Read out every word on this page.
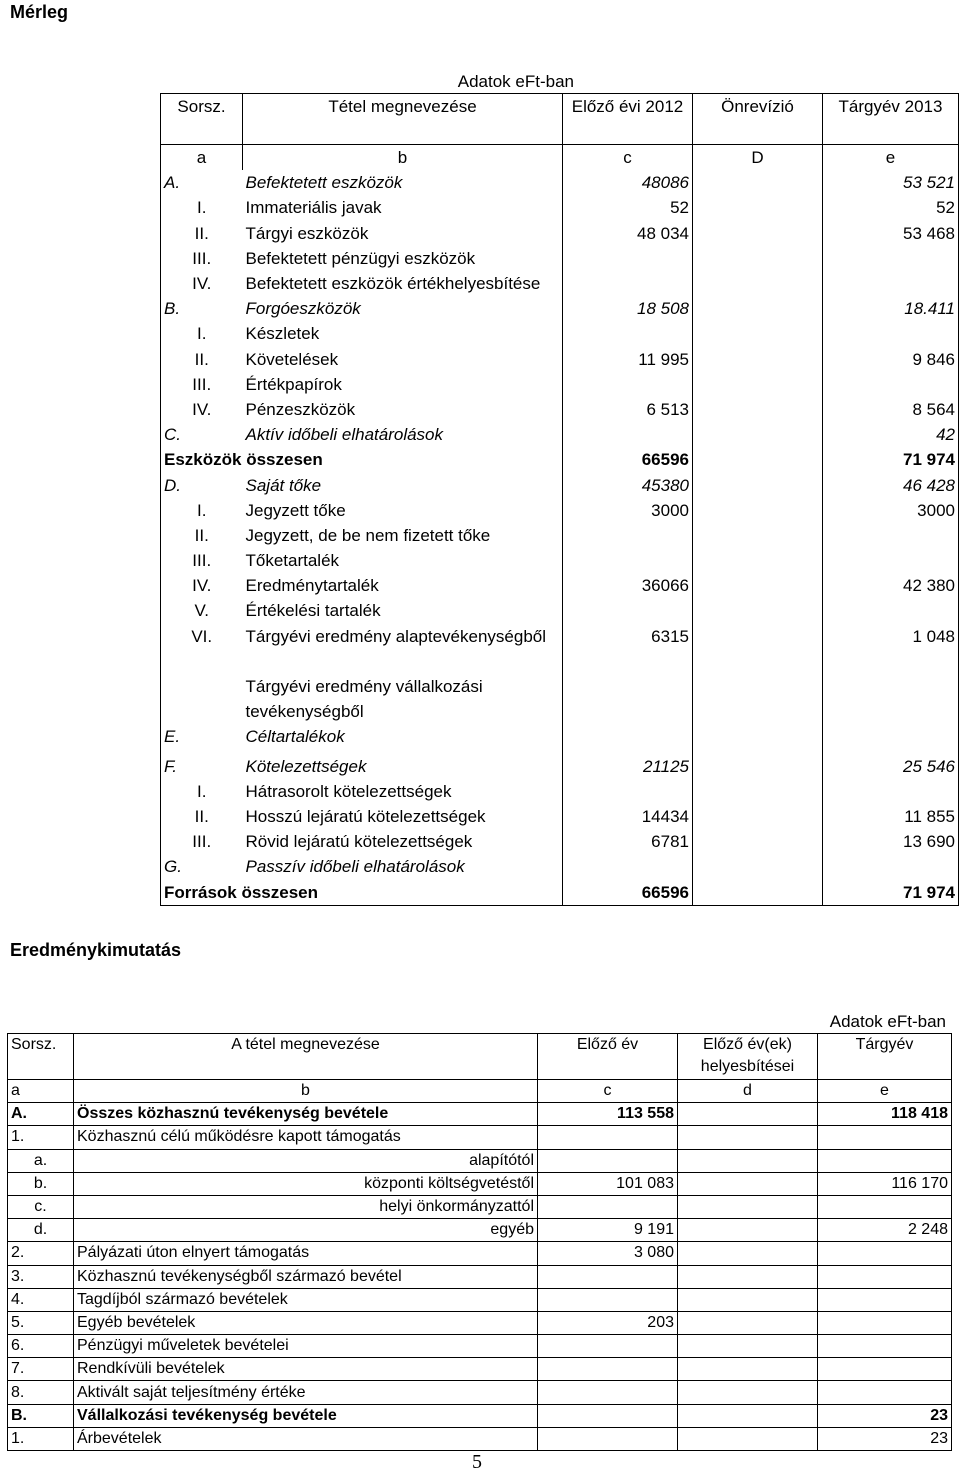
Mérleg
Adatok eFt-ban
Sorsz.	Tétel megnevezése	Előző évi 2012	Önrevízió	Tárgyév 2013
a	b	c	D	e
A.	Befektetett eszközök	48086		53 521
I.	Immateriális javak	52		52
II.	Tárgyi eszközök	48 034		53 468
III.	Befektetett pénzügyi eszközök			
IV.	Befektetett eszközök értékhelyesbítése			
B.	Forgóeszközök	18 508		18.411
I.	Készletek			
II.	Követelések	11 995		9 846
III.	Értékpapírok			
IV.	Pénzeszközök	6 513		8 564
C.	Aktív időbeli elhatárolások			42
Eszközök összesen		66596		71 974
D.	Saját tőke	45380		46 428
I.	Jegyzett tőke	3000		3000
II.	Jegyzett, de be nem fizetett tőke			
III.	Tőketartalék			
IV.	Eredménytartalék	36066		42 380
V.	Értékelési tartalék			
VI.	Tárgyévi eredmény alaptevékenységből	6315		1 048
	Tárgyévi eredmény vállalkozási tevékenységből			
E.	Céltartalékok			
F.	Kötelezettségek	21125		25 546
I.	Hátrasorolt kötelezettségek			
II.	Hosszú lejáratú kötelezettségek	14434		11 855
III.	Rövid lejáratú kötelezettségek	6781		13 690
G.	Passzív időbeli elhatárolások			
Források összesen		66596		71 974
Eredménykimutatás
Adatok eFt-ban
Sorsz.	A tétel megnevezése	Előző év	Előző év(ek) helyesbítései	Tárgyév
a	b	c	d	e
A.	Összes közhasznú tevékenység bevétele	113 558		118 418
1.	Közhasznú célú működésre kapott támogatás			
a.	alapítótól			
b.	központi költségvetéstől	101 083		116 170
c.	helyi önkormányzattól			
d.	egyéb	9 191		2 248
2.	Pályázati úton elnyert támogatás	3 080		
3.	Közhasznú tevékenységből származó bevétel			
4.	Tagdíjból származó bevételek			
5.	Egyéb bevételek	203		
6.	Pénzügyi műveletek bevételei			
7.	Rendkívüli bevételek			
8.	Aktivált saját teljesítmény értéke			
B.	Vállalkozási tevékenység bevétele			23
1.	Árbevételek			23
5
